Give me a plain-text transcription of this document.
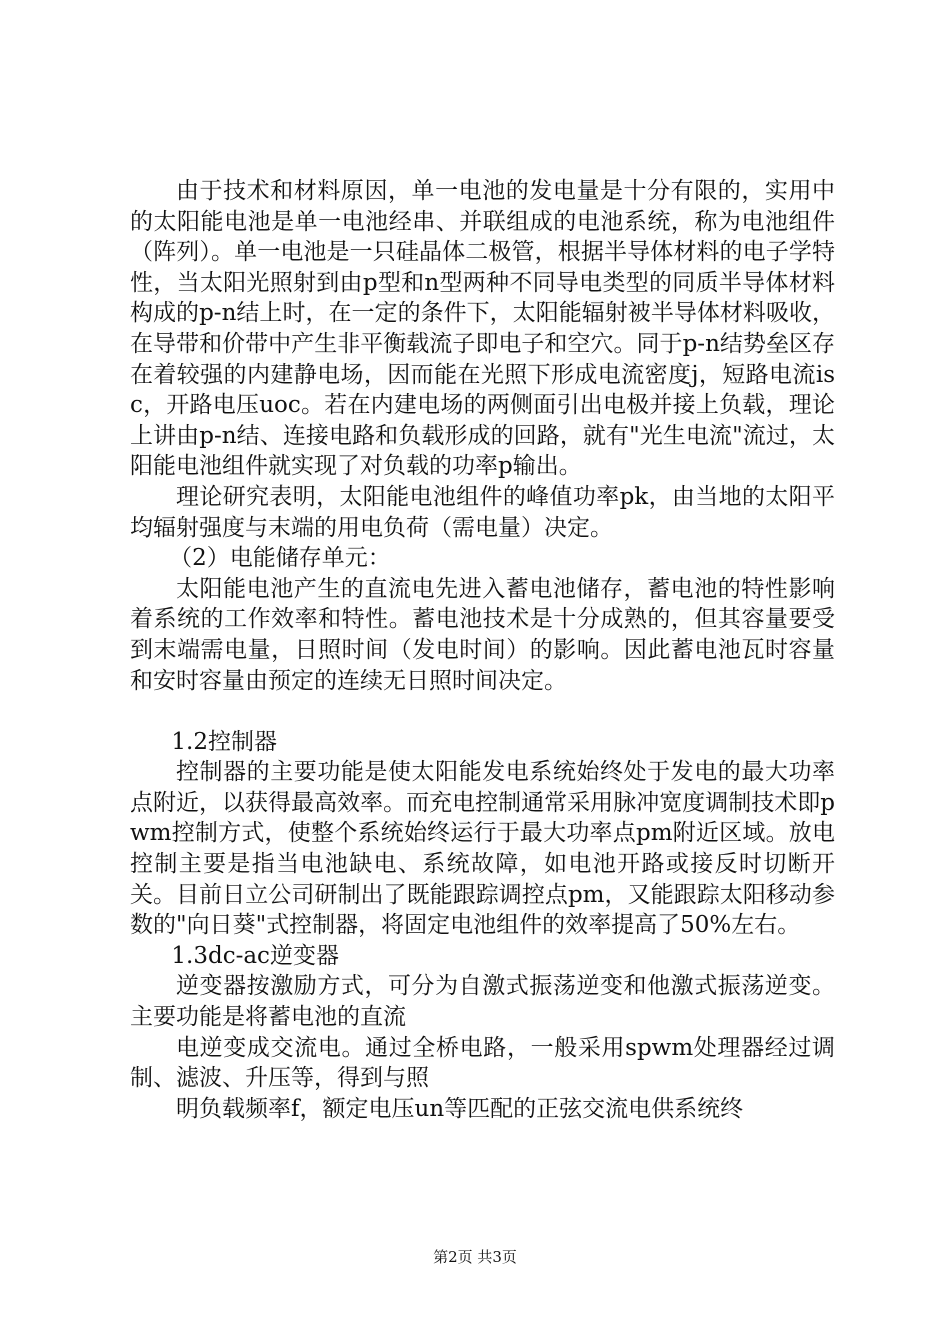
由于技术和材料原因，单一电池的发电量是十分有限的，实用中的太阳能电池是单一电池经串、并联组成的电池系统，称为电池组件（阵列）。单一电池是一只硅晶体二极管，根据半导体材料的电子学特性，当太阳光照射到由p型和n型两种不同导电类型的同质半导体材料构成的p-n结上时，在一定的条件下，太阳能辐射被半导体材料吸收，在导带和价带中产生非平衡载流子即电子和空穴。同于p-n结势垒区存在着较强的内建静电场，因而能在光照下形成电流密度j，短路电流isc，开路电压uoc。若在内建电场的两侧面引出电极并接上负载，理论上讲由p-n结、连接电路和负载形成的回路，就有"光生电流"流过，太阳能电池组件就实现了对负载的功率p输出。

理论研究表明，太阳能电池组件的峰值功率pk，由当地的太阳平均辐射强度与末端的用电负荷（需电量）决定。

（2）电能储存单元：

太阳能电池产生的直流电先进入蓄电池储存，蓄电池的特性影响着系统的工作效率和特性。蓄电池技术是十分成熟的，但其容量要受到末端需电量，日照时间（发电时间）的影响。因此蓄电池瓦时容量和安时容量由预定的连续无日照时间决定。

1.2控制器

控制器的主要功能是使太阳能发电系统始终处于发电的最大功率点附近，以获得最高效率。而充电控制通常采用脉冲宽度调制技术即pwm控制方式，使整个系统始终运行于最大功率点pm附近区域。放电控制主要是指当电池缺电、系统故障，如电池开路或接反时切断开关。目前日立公司研制出了既能跟踪调控点pm，又能跟踪太阳移动参数的"向日葵"式控制器，将固定电池组件的效率提高了50%左右。

1.3dc-ac逆变器

逆变器按激励方式，可分为自激式振荡逆变和他激式振荡逆变。主要功能是将蓄电池的直流

电逆变成交流电。通过全桥电路，一般采用spwm处理器经过调制、滤波、升压等，得到与照

明负载频率f，额定电压un等匹配的正弦交流电供系统终

第2页 共3页
